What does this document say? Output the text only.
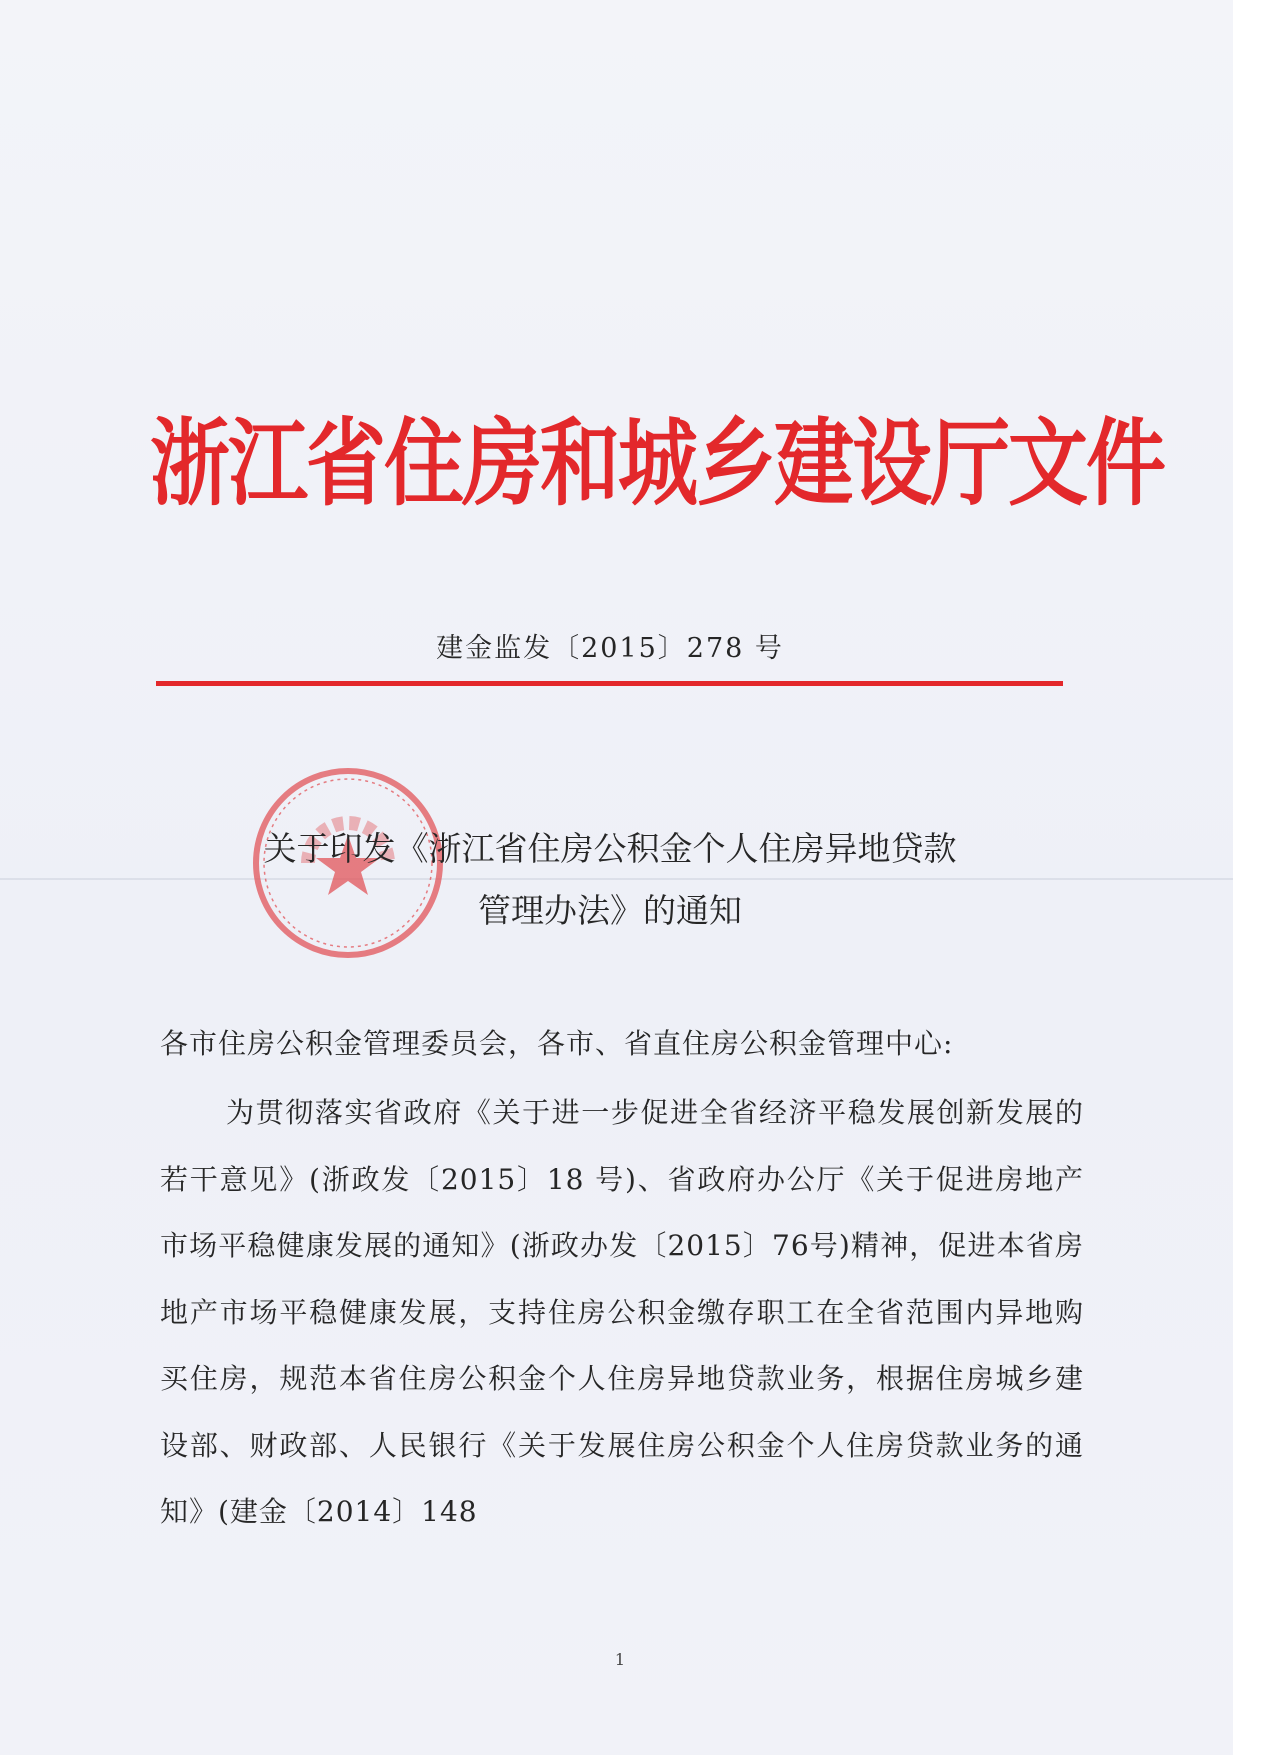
浙江省住房和城乡建设厅文件
建金监发〔2015〕278 号
关于印发《浙江省住房公积金个人住房异地贷款
管理办法》的通知
各市住房公积金管理委员会，各市、省直住房公积金管理中心:
为贯彻落实省政府《关于进一步促进全省经济平稳发展创新发展的若干意见》(浙政发〔2015〕18 号)、省政府办公厅《关于促进房地产市场平稳健康发展的通知》(浙政办发〔2015〕76号)精神，促进本省房地产市场平稳健康发展，支持住房公积金缴存职工在全省范围内异地购买住房，规范本省住房公积金个人住房异地贷款业务，根据住房城乡建设部、财政部、人民银行《关于发展住房公积金个人住房贷款业务的通知》(建金〔2014〕148
1
